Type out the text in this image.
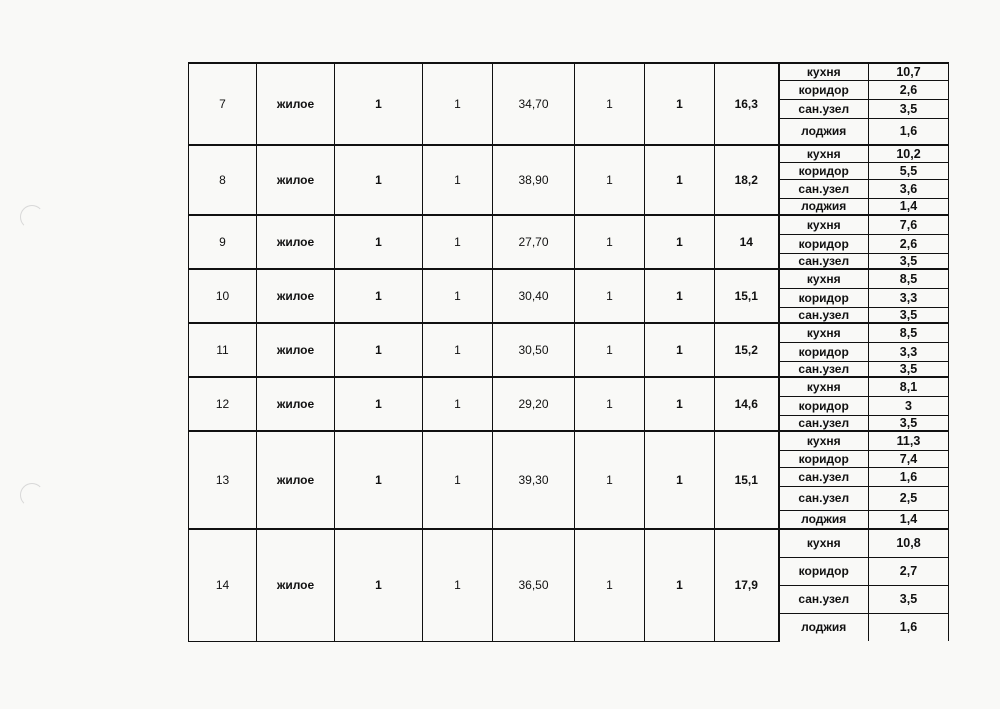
7	жилое	1	1	34,70	1	1	16,3	кухня	10,7
								коридор	2,6
								сан.узел	3,5
								лоджия	1,6
8	жилое	1	1	38,90	1	1	18,2	кухня	10,2
								коридор	5,5
								сан.узел	3,6
								лоджия	1,4
9	жилое	1	1	27,70	1	1	14	кухня	7,6
								коридор	2,6
								сан.узел	3,5
10	жилое	1	1	30,40	1	1	15,1	кухня	8,5
								коридор	3,3
								сан.узел	3,5
11	жилое	1	1	30,50	1	1	15,2	кухня	8,5
								коридор	3,3
								сан.узел	3,5
12	жилое	1	1	29,20	1	1	14,6	кухня	8,1
								коридор	3
								сан.узел	3,5
13	жилое	1	1	39,30	1	1	15,1	кухня	11,3
								коридор	7,4
								сан.узел	1,6
								сан.узел	2,5
								лоджия	1,4
14	жилое	1	1	36,50	1	1	17,9	кухня	10,8
								коридор	2,7
								сан.узел	3,5
								лоджия	1,6
